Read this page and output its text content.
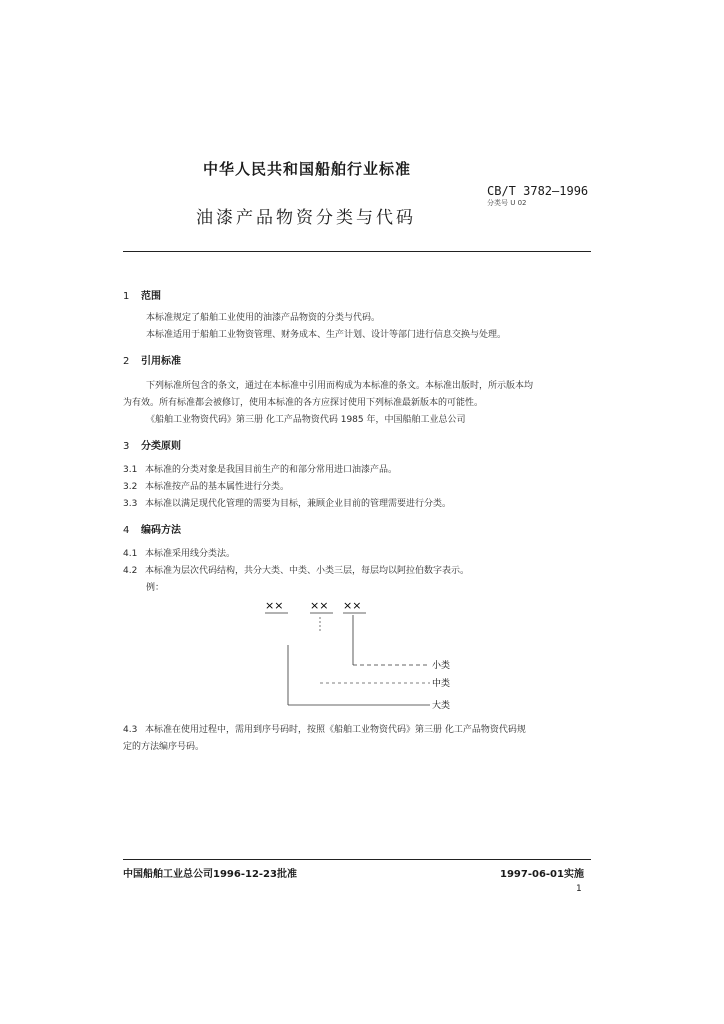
中华人民共和国船舶行业标准
CB/T 3782—1996
分类号 U 02
油漆产品物资分类与代码
1 范围
本标准规定了船舶工业使用的油漆产品物资的分类与代码。
本标准适用于船舶工业物资管理、财务成本、生产计划、设计等部门进行信息交换与处理。
2 引用标准
下列标准所包含的条文，通过在本标准中引用而构成为本标准的条文。本标准出版时，所示版本均
为有效。所有标准都会被修订，使用本标准的各方应探讨使用下列标准最新版本的可能性。
《船舶工业物资代码》第三册 化工产品物资代码 1985 年，中国船舶工业总公司
3 分类原则
3.1 本标准的分类对象是我国目前生产的和部分常用进口油漆产品。
3.2 本标准按产品的基本属性进行分类。
3.3 本标准以满足现代化管理的需要为目标，兼顾企业目前的管理需要进行分类。
4 编码方法
4.1 本标准采用线分类法。
4.2 本标准为层次代码结构，共分大类、中类、小类三层，每层均以阿拉伯数字表示。
例：
×× ×× ××
小类
中类
大类
4.3 本标准在使用过程中，需用到序号码时，按照《船舶工业物资代码》第三册 化工产品物资代码规
定的方法编序号码。
中国船舶工业总公司1996-12-23批准	1997-06-01实施
1
